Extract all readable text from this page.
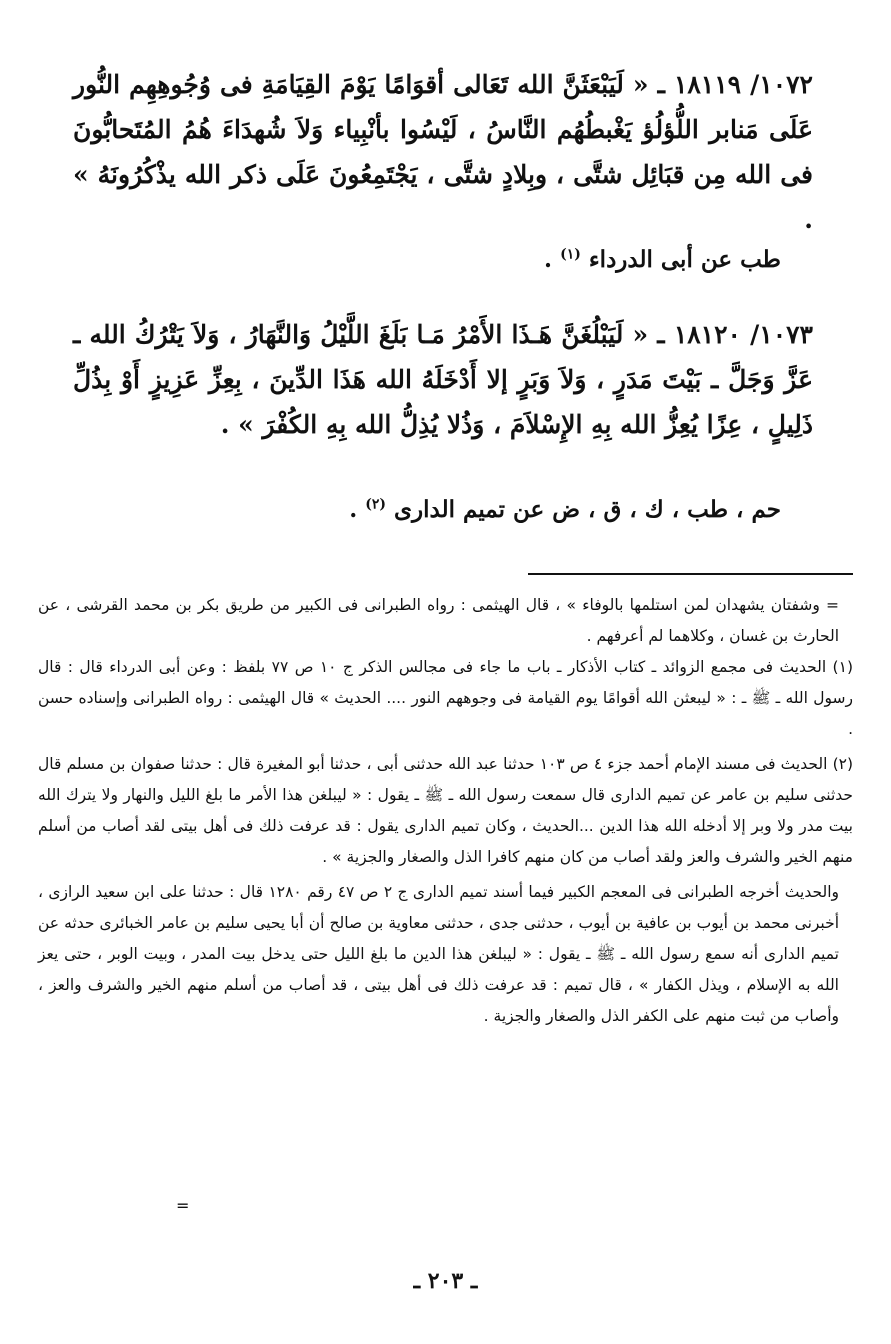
١٠٧٢/ ١٨١١٩ ـ « لَيَبْعَثَنَّ الله تَعَالى أقوَامًا يَوْمَ القِيَامَةِ فى وُجُوهِهِم النُّور عَلَى مَنابر اللُّؤلُؤ يَغْبطُهُم النَّاسُ ، لَيْسُوا بأنْبِياء وَلاَ شُهدَاءَ هُمُ المُتَحابُّونَ فى الله مِن قبَائِل شتَّى ، وبِلادٍ شتَّى ، يَجْتَمِعُونَ عَلَى ذكر الله يذْكُرُونَهُ » .

طب عن أبى الدرداء $^{(١)}$ .

١٠٧٣/ ١٨١٢٠ ـ « لَيَبْلُغَنَّ هَـذَا الأَمْرُ مَـا بَلَغَ اللَّيْلُ وَالنَّهَارُ ، وَلاَ يَتْرُكُ الله ـ عَزَّ وَجَلَّ ـ بَيْتَ مَدَرٍ ، وَلاَ وَبَرٍ إلا أَدْخَلَهُ الله هَذَا الدِّينَ ، بِعِزِّ عَزِيزٍ أَوْ بِذُلِّ ذَلِيلٍ ، عِزًا يُعِزُّ الله بِهِ الإِسْلاَمَ ، وَذُلا يُذِلُّ الله بِهِ الكُفْرَ » .

حم ، طب ، ك ، ق ، ض عن تميم الدارى $^{(٢)}$ .

= وشفتان يشهدان لمن استلمها بالوفاء » ، قال الهيثمى : رواه الطبرانى فى الكبير من طريق بكر بن محمد القرشى ، عن الحارث بن غسان ، وكلاهما لم أعرفهم .

(١) الحديث فى مجمع الزوائد ـ كتاب الأذكار ـ باب ما جاء فى مجالس الذكر ج ١٠ ص ٧٧ بلفظ : وعن أبى الدرداء قال : قال رسول الله ـ ﷺ ـ : « ليبعثن الله أقوامًا يوم القيامة فى وجوههم النور .... الحديث » قال الهيثمى : رواه الطبرانى وإسناده حسن .

(٢) الحديث فى مسند الإمام أحمد جزء ٤ ص ١٠٣ حدثنا عبد الله حدثنى أبى ، حدثنا أبو المغيرة قال : حدثنا صفوان بن مسلم قال حدثنى سليم بن عامر عن تميم الدارى قال سمعت رسول الله ـ ﷺ ـ يقول : « ليبلغن هذا الأمر ما بلغ الليل والنهار ولا يترك الله بيت مدر ولا وبر إلا أدخله الله هذا الدين ...الحديث ، وكان تميم الدارى يقول : قد عرفت ذلك فى أهل بيتى لقد أصاب من أسلم منهم الخير والشرف والعز ولقد أصاب من كان منهم كافرا الذل والصغار والجزية » .

والحديث أخرجه الطبرانى فى المعجم الكبير فيما أسند تميم الدارى ج ٢ ص ٤٧ رقم ١٢٨٠ قال : حدثنا على ابن سعيد الرازى ، أخبرنى محمد بن أيوب بن عافية بن أيوب ، حدثنى جدى ، حدثنى معاوية بن صالح أن أبا يحيى سليم بن عامر الخبائرى حدثه عن تميم الدارى أنه سمع رسول الله ـ ﷺ ـ يقول : « ليبلغن هذا الدين ما بلغ الليل حتى يدخل بيت المدر ، وبيت الوبر ، حتى يعز الله به الإسلام ، ويذل الكفار » ، قال تميم : قد عرفت ذلك فى أهل بيتى ، قد أصاب من أسلم منهم الخير والشرف والعز ، وأصاب من ثبت منهم على الكفر الذل والصغار والجزية .

=
ـ ٢٠٣ ـ
